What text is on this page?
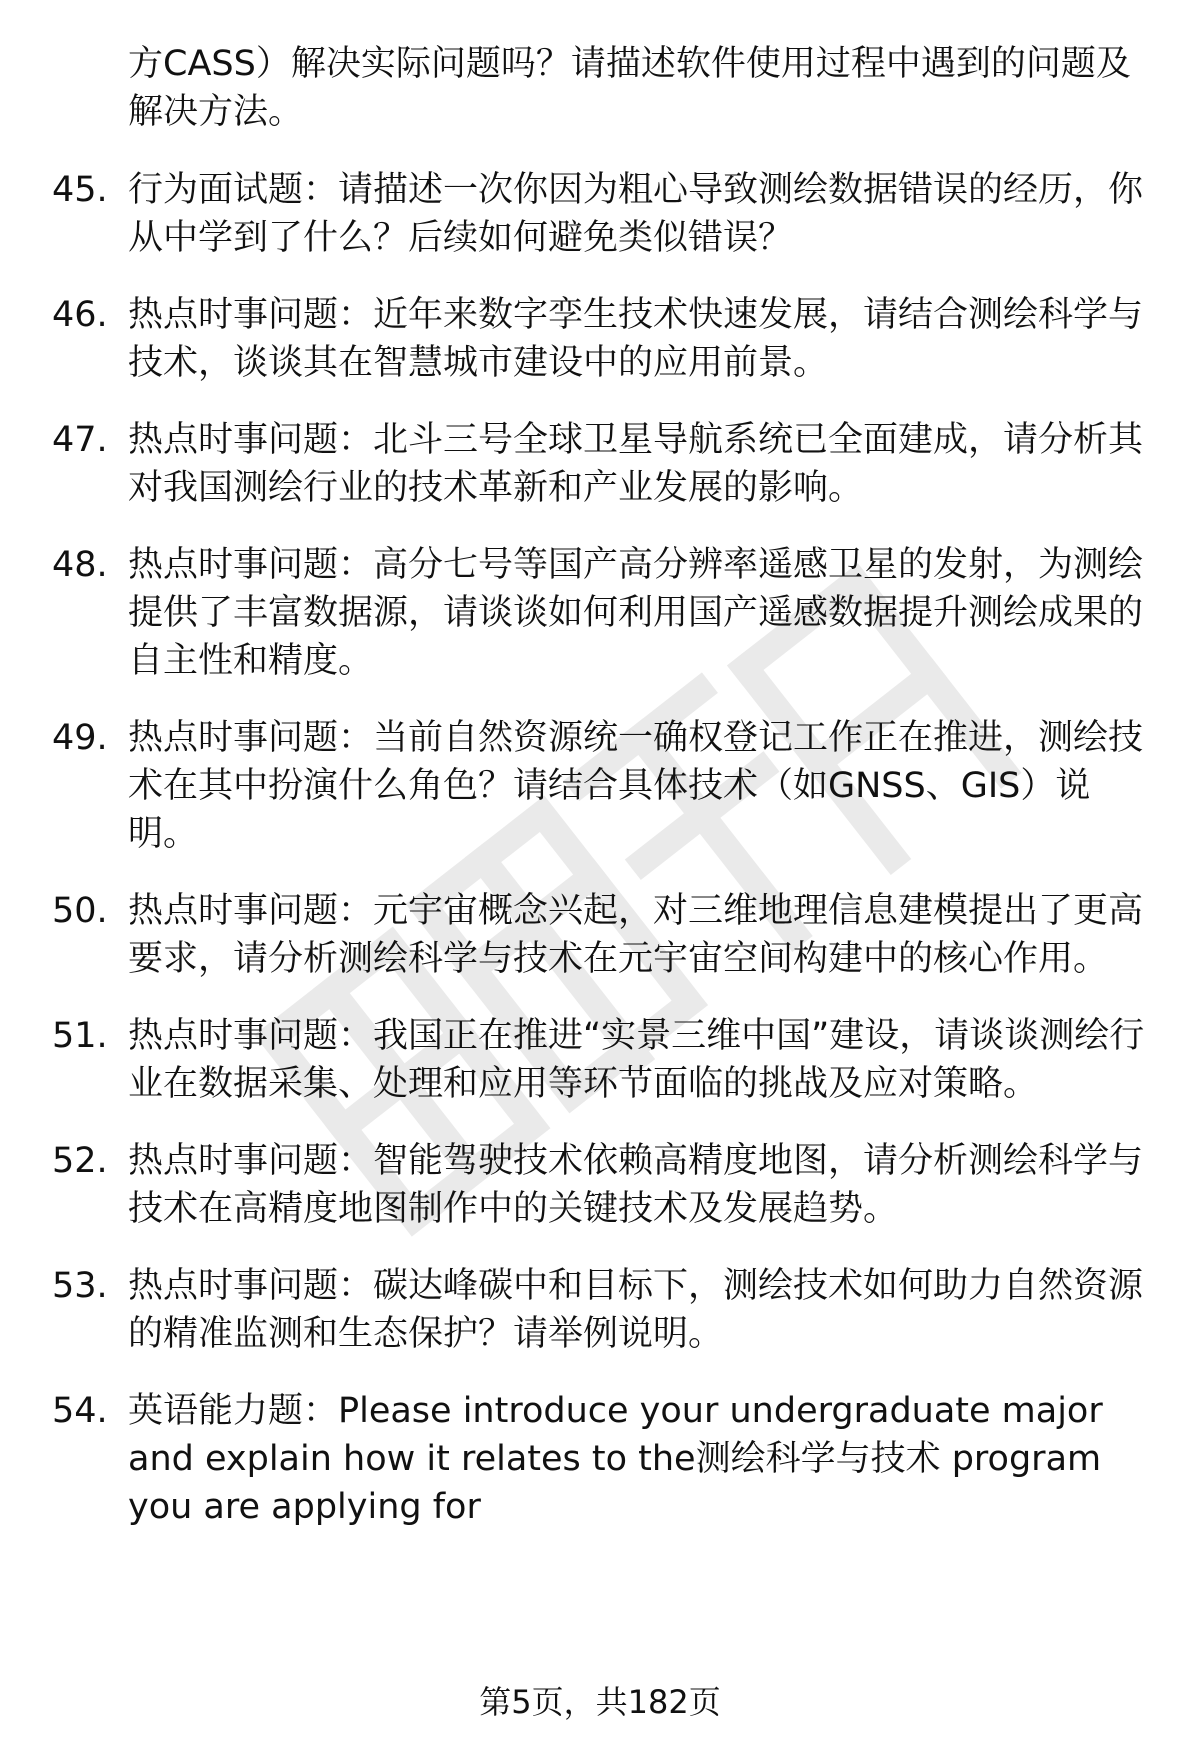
方CASS）解决实际问题吗？请描述软件使用过程中遇到的问题及解决方法。
45. 行为面试题：请描述一次你因为粗心导致测绘数据错误的经历，你从中学到了什么？后续如何避免类似错误？
46. 热点时事问题：近年来数字孪生技术快速发展，请结合测绘科学与技术，谈谈其在智慧城市建设中的应用前景。
47. 热点时事问题：北斗三号全球卫星导航系统已全面建成，请分析其对我国测绘行业的技术革新和产业发展的影响。
48. 热点时事问题：高分七号等国产高分辨率遥感卫星的发射，为测绘提供了丰富数据源，请谈谈如何利用国产遥感数据提升测绘成果的自主性和精度。
49. 热点时事问题：当前自然资源统一确权登记工作正在推进，测绘技术在其中扮演什么角色？请结合具体技术（如GNSS、GIS）说明。
50. 热点时事问题：元宇宙概念兴起，对三维地理信息建模提出了更高要求，请分析测绘科学与技术在元宇宙空间构建中的核心作用。
51. 热点时事问题：我国正在推进“实景三维中国”建设，请谈谈测绘行业在数据采集、处理和应用等环节面临的挑战及应对策略。
52. 热点时事问题：智能驾驶技术依赖高精度地图，请分析测绘科学与技术在高精度地图制作中的关键技术及发展趋势。
53. 热点时事问题：碳达峰碳中和目标下，测绘技术如何助力自然资源的精准监测和生态保护？请举例说明。
54. 英语能力题：Please introduce your undergraduate major and explain how it relates to the测绘科学与技术 program you are applying for
第5页，共182页
